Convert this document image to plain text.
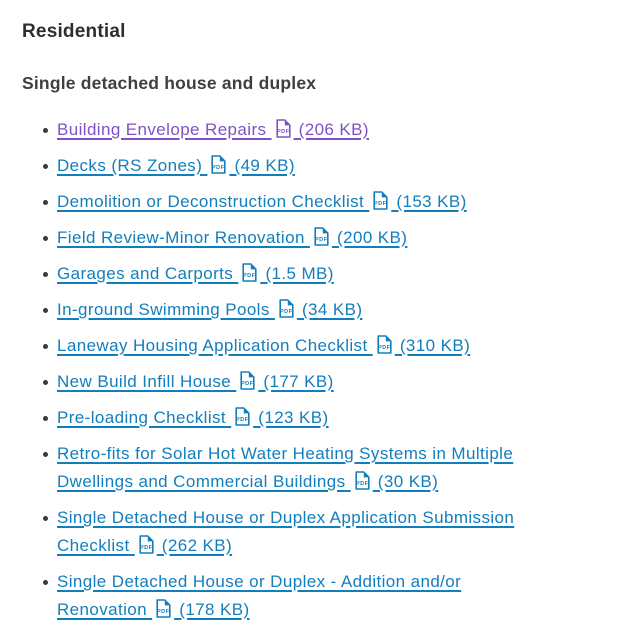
Residential
Single detached house and duplex
Building Envelope Repairs PDF (206 KB)
Decks (RS Zones) PDF (49 KB)
Demolition or Deconstruction Checklist PDF (153 KB)
Field Review-Minor Renovation PDF (200 KB)
Garages and Carports PDF (1.5 MB)
In-ground Swimming Pools PDF (34 KB)
Laneway Housing Application Checklist PDF (310 KB)
New Build Infill House PDF (177 KB)
Pre-loading Checklist PDF (123 KB)
Retro-fits for Solar Hot Water Heating Systems in Multiple Dwellings and Commercial Buildings PDF (30 KB)
Single Detached House or Duplex Application Submission Checklist PDF (262 KB)
Single Detached House or Duplex - Addition and/or Renovation PDF (178 KB)
